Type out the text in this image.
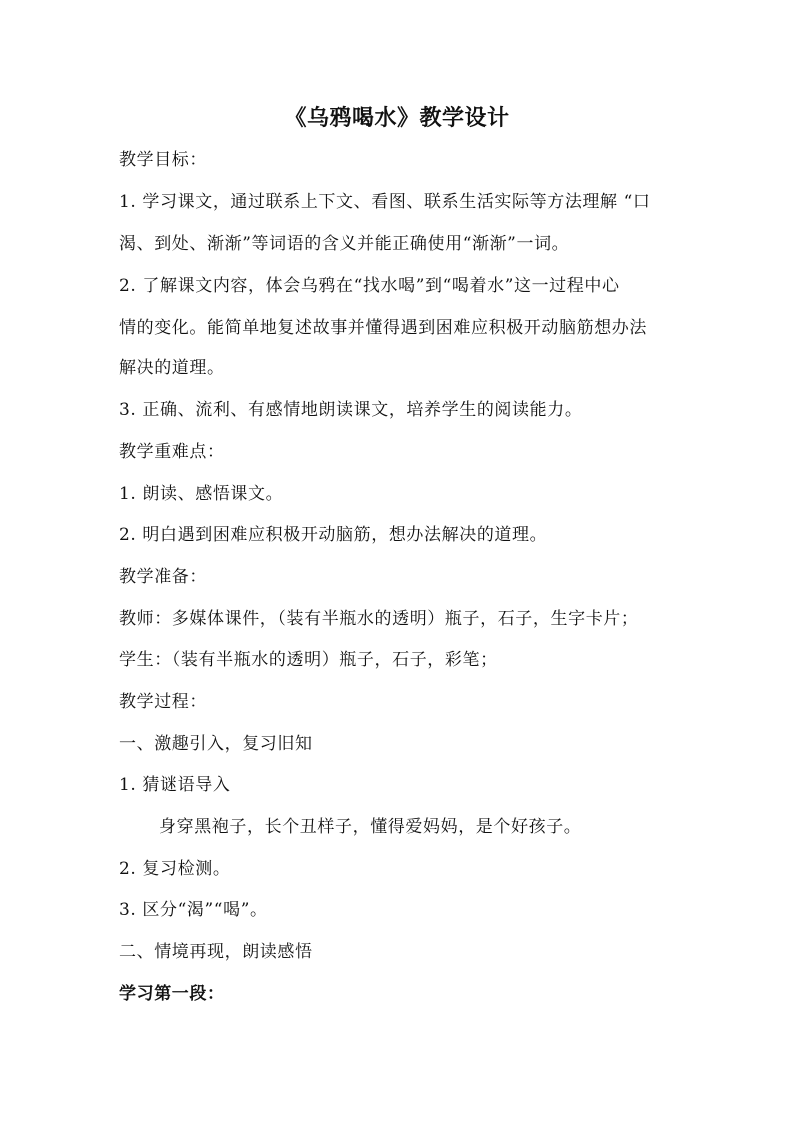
《乌鸦喝水》教学设计
教学目标：
1. 学习课文，通过联系上下文、看图、联系生活实际等方法理解 “口
渴、到处、渐渐”等词语的含义并能正确使用“渐渐”一词。
2. 了解课文内容，体会乌鸦在“找水喝”到“喝着水”这一过程中心
情的变化。能简单地复述故事并懂得遇到困难应积极开动脑筋想办法
解决的道理。
3. 正确、流利、有感情地朗读课文，培养学生的阅读能力。
教学重难点：
1. 朗读、感悟课文。
2. 明白遇到困难应积极开动脑筋，想办法解决的道理。
教学准备：
教师：多媒体课件，（装有半瓶水的透明）瓶子，石子，生字卡片；
学生：（装有半瓶水的透明）瓶子，石子，彩笔；
教学过程：
一、激趣引入，复习旧知
1. 猜谜语导入
身穿黑袍子，长个丑样子，懂得爱妈妈，是个好孩子。
2. 复习检测。
3. 区分“渴”“喝”。
二、情境再现，朗读感悟
学习第一段：
